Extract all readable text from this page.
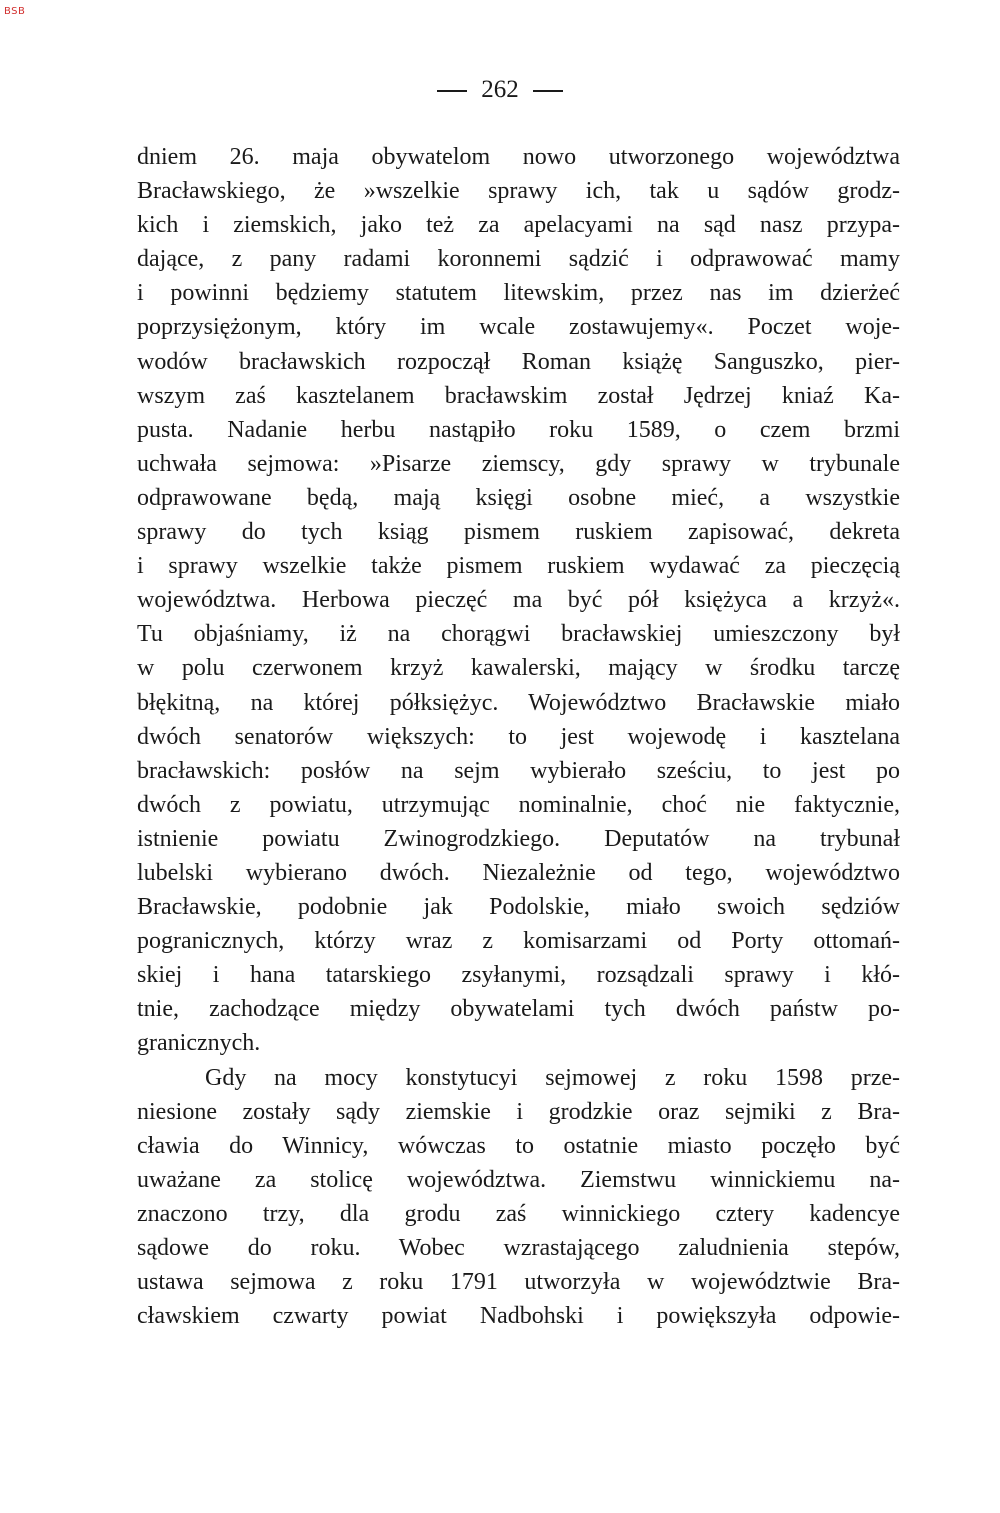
BSB
262
dniem 26. maja obywatelom nowo utworzonego województwa
Bracławskiego, że »wszelkie sprawy ich, tak u sądów grodz-
kich i ziemskich, jako też za apelacyami na sąd nasz przypa-
dające, z pany radami koronnemi sądzić i odprawować mamy
i powinni będziemy statutem litewskim, przez nas im dzierżeć
poprzysiężonym, który im wcale zostawujemy«. Poczet woje-
wodów bracławskich rozpoczął Roman książę Sanguszko, pier-
wszym zaś kasztelanem bracławskim został Jędrzej kniaź Ka-
pusta. Nadanie herbu nastąpiło roku 1589, o czem brzmi
uchwała sejmowa: »Pisarze ziemscy, gdy sprawy w trybunale
odprawowane będą, mają księgi osobne mieć, a wszystkie
sprawy do tych ksiąg pismem ruskiem zapisować, dekreta
i sprawy wszelkie także pismem ruskiem wydawać za pieczęcią
województwa. Herbowa pieczęć ma być pół księżyca a krzyż«.
Tu objaśniamy, iż na chorągwi bracławskiej umieszczony był
w polu czerwonem krzyż kawalerski, mający w środku tarczę
błękitną, na której półksiężyc. Województwo Bracławskie miało
dwóch senatorów większych: to jest wojewodę i kasztelana
bracławskich: posłów na sejm wybierało sześciu, to jest po
dwóch z powiatu, utrzymując nominalnie, choć nie faktycznie,
istnienie powiatu Zwinogrodzkiego. Deputatów na trybunał
lubelski wybierano dwóch. Niezależnie od tego, województwo
Bracławskie, podobnie jak Podolskie, miało swoich sędziów
pogranicznych, którzy wraz z komisarzami od Porty ottomań-
skiej i hana tatarskiego zsyłanymi, rozsądzali sprawy i kłó-
tnie, zachodzące między obywatelami tych dwóch państw po-
granicznych.
Gdy na mocy konstytucyi sejmowej z roku 1598 prze-
niesione zostały sądy ziemskie i grodzkie oraz sejmiki z Bra-
cławia do Winnicy, wówczas to ostatnie miasto poczęło być
uważane za stolicę województwa. Ziemstwu winnickiemu na-
znaczono trzy, dla grodu zaś winnickiego cztery kadencye
sądowe do roku. Wobec wzrastającego zaludnienia stepów,
ustawa sejmowa z roku 1791 utworzyła w województwie Bra-
cławskiem czwarty powiat Nadbohski i powiększyła odpowie-
